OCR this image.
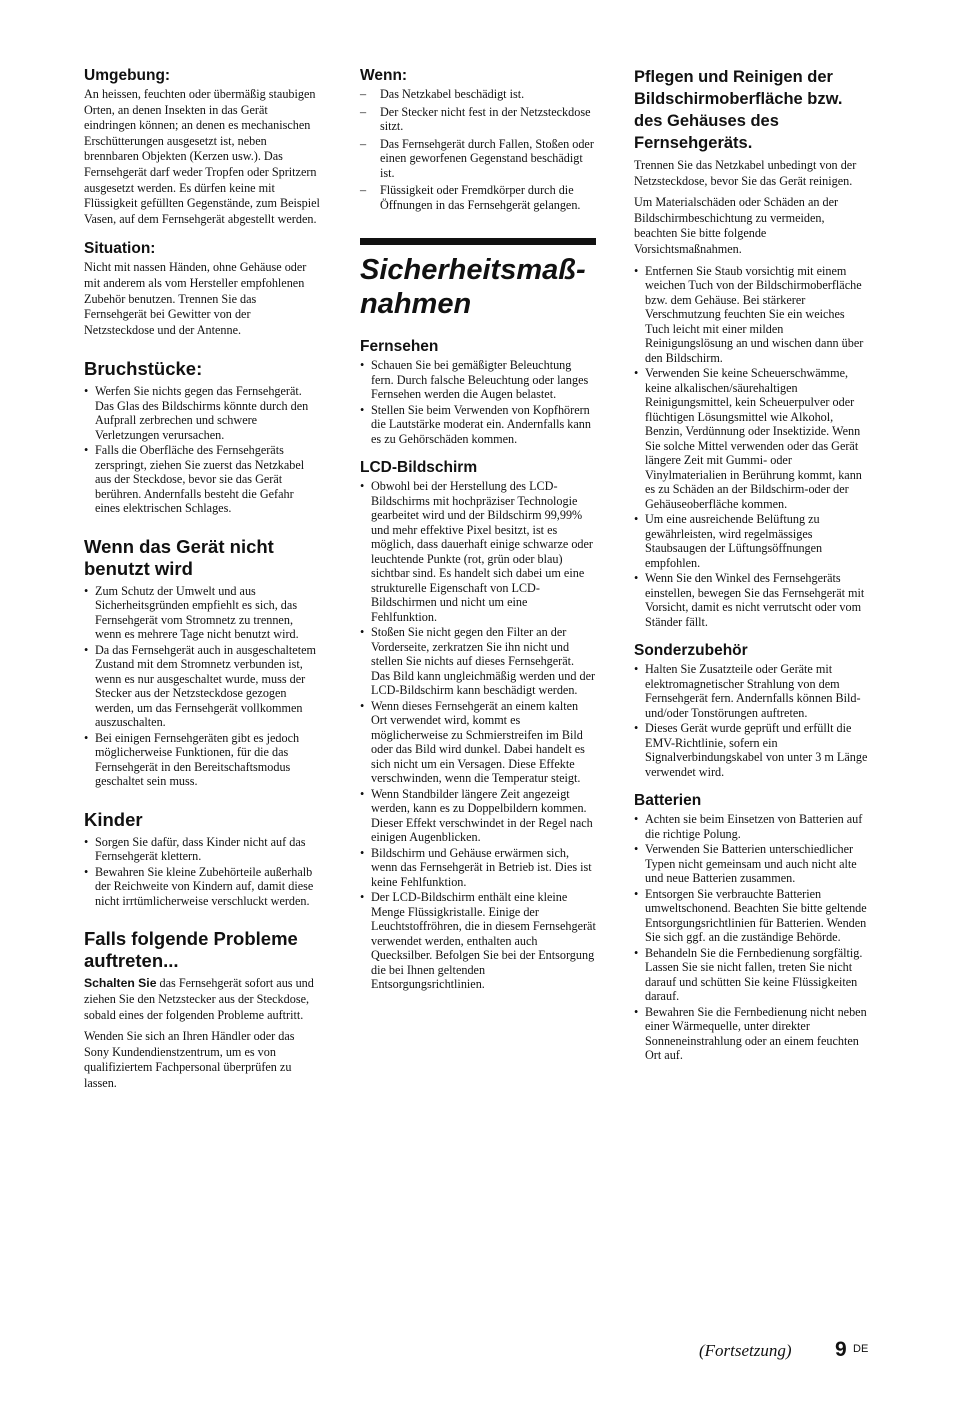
Umgebung:

An heissen, feuchten oder übermäßig staubigen Orten, an denen Insekten in das Gerät eindringen können; an denen es mechanischen Erschütterungen ausgesetzt ist, neben brennbaren Objekten (Kerzen usw.). Das Fernsehgerät darf weder Tropfen oder Spritzern ausgesetzt werden. Es dürfen keine mit Flüssigkeit gefüllten Gegenstände, zum Beispiel Vasen, auf dem Fernsehgerät abgestellt werden.

Situation:

Nicht mit nassen Händen, ohne Gehäuse oder mit anderem als vom Hersteller empfohlenen Zubehör benutzen. Trennen Sie das Fernsehgerät bei Gewitter von der Netzsteckdose und der Antenne.

Bruchstücke:
• Werfen Sie nichts gegen das Fernsehgerät. Das Glas des Bildschirms könnte durch den Aufprall zerbrechen und schwere Verletzungen verursachen.
• Falls die Oberfläche des Fernsehgeräts zerspringt, ziehen Sie zuerst das Netzkabel aus der Steckdose, bevor sie das Gerät berühren. Andernfalls besteht die Gefahr eines elektrischen Schlages.
Wenn das Gerät nicht benutzt wird
• Zum Schutz der Umwelt und aus Sicherheitsgründen empfiehlt es sich, das Fernsehgerät vom Stromnetz zu trennen, wenn es mehrere Tage nicht benutzt wird.
• Da das Fernsehgerät auch in ausgeschaltetem Zustand mit dem Stromnetz verbunden ist, wenn es nur ausgeschaltet wurde, muss der Stecker aus der Netzsteckdose gezogen werden, um das Fernsehgerät vollkommen auszuschalten.
• Bei einigen Fernsehgeräten gibt es jedoch möglicherweise Funktionen, für die das Fernsehgerät in den Bereitschaftsmodus geschaltet sein muss.
Kinder
• Sorgen Sie dafür, dass Kinder nicht auf das Fernsehgerät klettern.
• Bewahren Sie kleine Zubehörteile außerhalb der Reichweite von Kindern auf, damit diese nicht irrtümlicherweise verschluckt werden.
Falls folgende Probleme auftreten...

Schalten Sie das Fernsehgerät sofort aus und ziehen Sie den Netzstecker aus der Steckdose, sobald eines der folgenden Probleme auftritt.

Wenden Sie sich an Ihren Händler oder das Sony Kundendienstzentrum, um es von qualifiziertem Fachpersonal überprüfen zu lassen.

Wenn:
– Das Netzkabel beschädigt ist.
– Der Stecker nicht fest in der Netzsteckdose sitzt.
– Das Fernsehgerät durch Fallen, Stoßen oder einen geworfenen Gegenstand beschädigt ist.
– Flüssigkeit oder Fremdkörper durch die Öffnungen in das Fernsehgerät gelangen.
Sicherheitsmaß-
nahmen
Fernsehen
• Schauen Sie bei gemäßigter Beleuchtung fern. Durch falsche Beleuchtung oder langes Fernsehen werden die Augen belastet.
• Stellen Sie beim Verwenden von Kopfhörern die Lautstärke moderat ein. Andernfalls kann es zu Gehörschäden kommen.
LCD-Bildschirm
• Obwohl bei der Herstellung des LCD-Bildschirms mit hochpräziser Technologie gearbeitet wird und der Bildschirm 99,99% und mehr effektive Pixel besitzt, ist es möglich, dass dauerhaft einige schwarze oder leuchtende Punkte (rot, grün oder blau) sichtbar sind. Es handelt sich dabei um eine strukturelle Eigenschaft von LCD-Bildschirmen und nicht um eine Fehlfunktion.
• Stoßen Sie nicht gegen den Filter an der Vorderseite, zerkratzen Sie ihn nicht und stellen Sie nichts auf dieses Fernsehgerät. Das Bild kann ungleichmäßig werden und der LCD-Bildschirm kann beschädigt werden.
• Wenn dieses Fernsehgerät an einem kalten Ort verwendet wird, kommt es möglicherweise zu Schmierstreifen im Bild oder das Bild wird dunkel. Dabei handelt es sich nicht um ein Versagen. Diese Effekte verschwinden, wenn die Temperatur steigt.
• Wenn Standbilder längere Zeit angezeigt werden, kann es zu Doppelbildern kommen. Dieser Effekt verschwindet in der Regel nach einigen Augenblicken.
• Bildschirm und Gehäuse erwärmen sich, wenn das Fernsehgerät in Betrieb ist. Dies ist keine Fehlfunktion.
• Der LCD-Bildschirm enthält eine kleine Menge Flüssigkristalle. Einige der Leuchtstoffröhren, die in diesem Fernsehgerät verwendet werden, enthalten auch Quecksilber. Befolgen Sie bei der Entsorgung die bei Ihnen geltenden Entsorgungsrichtlinien.
Pflegen und Reinigen der Bildschirmoberfläche bzw. des Gehäuses des Fernsehgeräts.

Trennen Sie das Netzkabel unbedingt von der Netzsteckdose, bevor Sie das Gerät reinigen.

Um Materialschäden oder Schäden an der Bildschirmbeschichtung zu vermeiden, beachten Sie bitte folgende Vorsichtsmaßnahmen.

• Entfernen Sie Staub vorsichtig mit einem weichen Tuch von der Bildschirmoberfläche bzw. dem Gehäuse. Bei stärkerer Verschmutzung feuchten Sie ein weiches Tuch leicht mit einer milden Reinigungslösung an und wischen dann über den Bildschirm.
• Verwenden Sie keine Scheuerschwämme, keine alkalischen/säurehaltigen Reinigungsmittel, kein Scheuerpulver oder flüchtigen Lösungsmittel wie Alkohol, Benzin, Verdünnung oder Insektizide. Wenn Sie solche Mittel verwenden oder das Gerät längere Zeit mit Gummi- oder Vinylmaterialien in Berührung kommt, kann es zu Schäden an der Bildschirm-oder der Gehäuseoberfläche kommen.
• Um eine ausreichende Belüftung zu gewährleisten, wird regelmässiges Staubsaugen der Lüftungsöffnungen empfohlen.
• Wenn Sie den Winkel des Fernsehgeräts einstellen, bewegen Sie das Fernsehgerät mit Vorsicht, damit es nicht verrutscht oder vom Ständer fällt.
Sonderzubehör
• Halten Sie Zusatzteile oder Geräte mit elektromagnetischer Strahlung von dem Fernsehgerät fern. Andernfalls können Bild-und/oder Tonstörungen auftreten.
• Dieses Gerät wurde geprüft und erfüllt die EMV-Richtlinie, sofern ein Signalverbindungskabel von unter 3 m Länge verwendet wird.
Batterien
• Achten sie beim Einsetzen von Batterien auf die richtige Polung.
• Verwenden Sie Batterien unterschiedlicher Typen nicht gemeinsam und auch nicht alte und neue Batterien zusammen.
• Entsorgen Sie verbrauchte Batterien umweltschonend. Beachten Sie bitte geltende Entsorgungsrichtlinien für Batterien. Wenden Sie sich ggf. an die zuständige Behörde.
• Behandeln Sie die Fernbedienung sorgfältig. Lassen Sie sie nicht fallen, treten Sie nicht darauf und schütten Sie keine Flüssigkeiten darauf.
• Bewahren Sie die Fernbedienung nicht neben einer Wärmequelle, unter direkter Sonneneinstrahlung oder an einem feuchten Ort auf.
(Fortsetzung) 9 DE
